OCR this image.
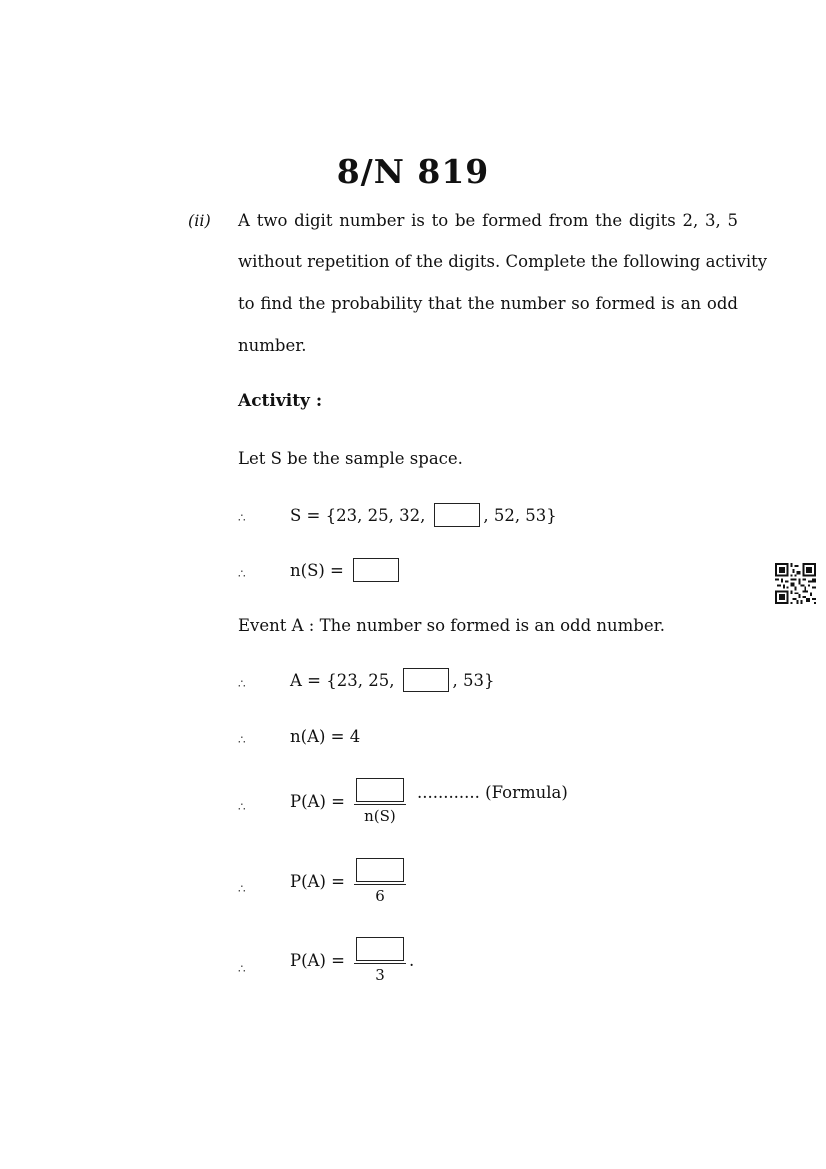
8/N 819
(ii) A two digit number is to be formed from the digits 2, 3, 5
without repetition of the digits. Complete the following activity
to find the probability that the number so formed is an odd
number.
Activity :
Let S be the sample space.
∴	S = {23, 25, 32,	, 52, 53}
∴	n(S) =
Event A : The number so formed is an odd number.
∴	A = {23, 25,	, 53}
∴	n(A) = 4
∴	P(A) =
n(S)
............ (Formula)
∴	P(A) =
6
∴	P(A) =
3
.
